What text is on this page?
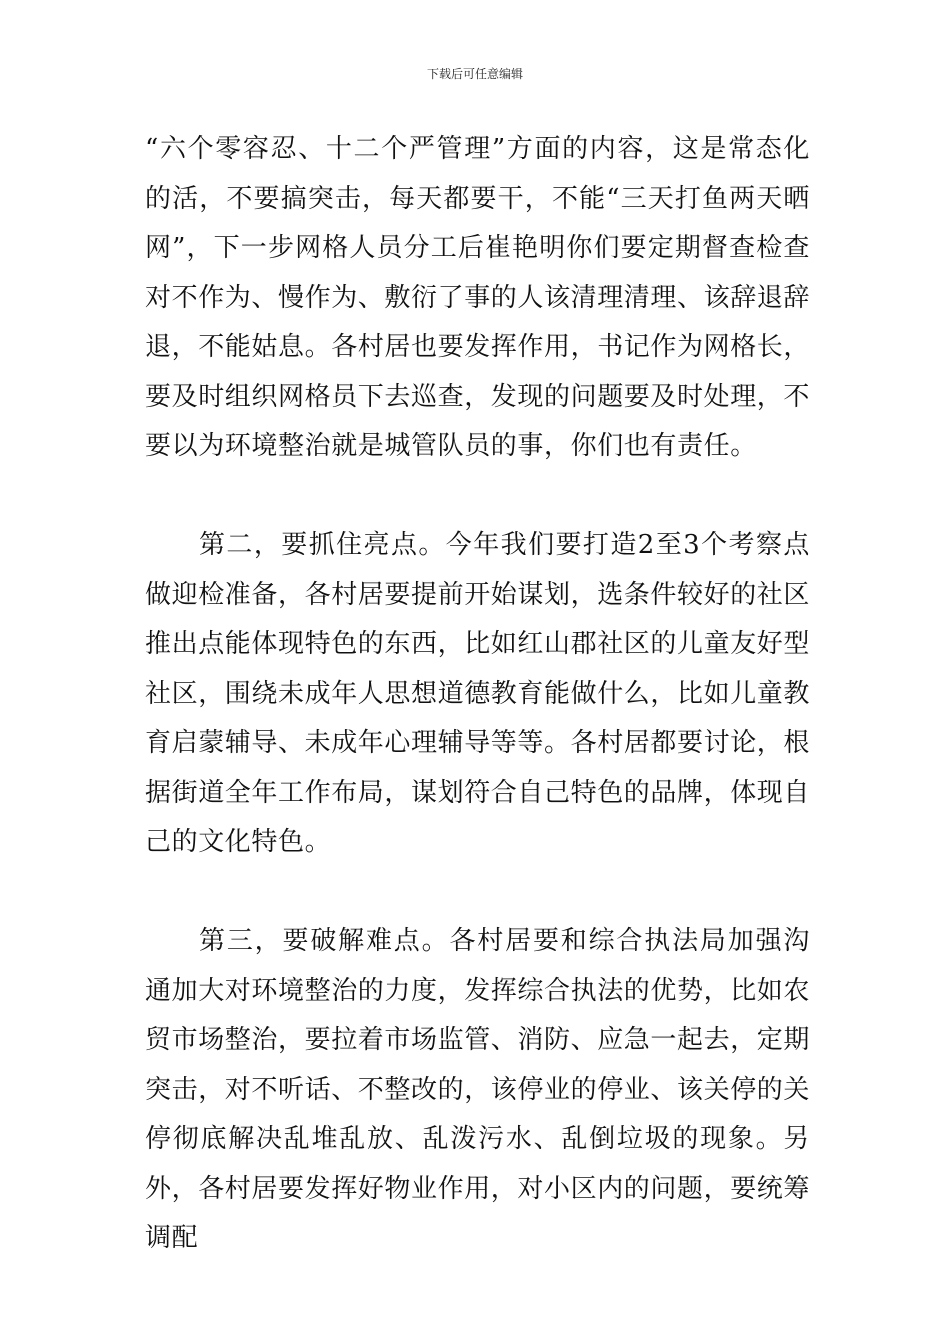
下载后可任意编辑

“六个零容忍、十二个严管理”方面的内容，这是常态化的活，不要搞突击，每天都要干，不能“三天打鱼两天晒网”，下一步网格人员分工后崔艳明你们要定期督查检查对不作为、慢作为、敷衍了事的人该清理清理、该辞退辞退，不能姑息。各村居也要发挥作用，书记作为网格长，要及时组织网格员下去巡查，发现的问题要及时处理，不要以为环境整治就是城管队员的事，你们也有责任。

第二，要抓住亮点。今年我们要打造2至3个考察点做迎检准备，各村居要提前开始谋划，选条件较好的社区推出点能体现特色的东西，比如红山郡社区的儿童友好型社区，围绕未成年人思想道德教育能做什么，比如儿童教育启蒙辅导、未成年心理辅导等等。各村居都要讨论，根据街道全年工作布局，谋划符合自己特色的品牌，体现自己的文化特色。

第三，要破解难点。各村居要和综合执法局加强沟通加大对环境整治的力度，发挥综合执法的优势，比如农贸市场整治，要拉着市场监管、消防、应急一起去，定期突击，对不听话、不整改的，该停业的停业、该关停的关停彻底解决乱堆乱放、乱泼污水、乱倒垃圾的现象。另外，各村居要发挥好物业作用，对小区内的问题，要统筹调配
